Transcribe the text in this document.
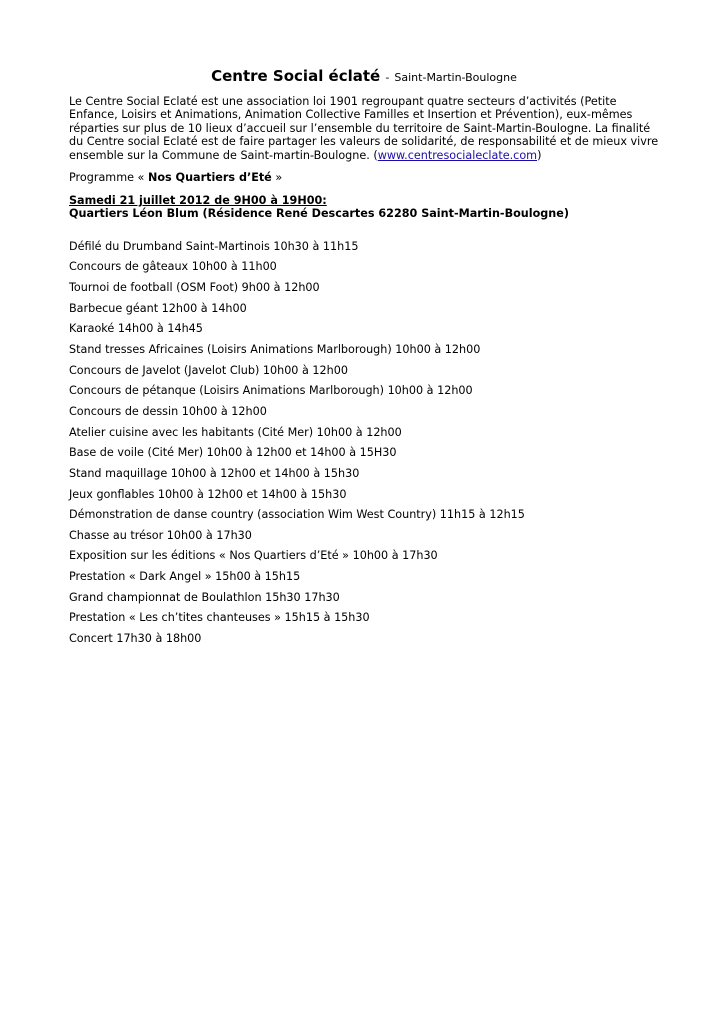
Centre Social éclaté - Saint-Martin-Boulogne

Le Centre Social Eclaté est une association loi 1901 regroupant quatre secteurs d’activités (Petite Enfance, Loisirs et Animations, Animation Collective Familles et Insertion et Prévention), eux-mêmes réparties sur plus de 10 lieux d’accueil sur l’ensemble du territoire de Saint-Martin-Boulogne. La finalité du Centre social Eclaté est de faire partager les valeurs de solidarité, de responsabilité et de mieux vivre ensemble sur la Commune de Saint-martin-Boulogne. (www.centresocialeclate.com)

Programme « Nos Quartiers d’Eté »

Samedi 21 juillet 2012 de 9H00 à 19H00:

Quartiers Léon Blum (Résidence René Descartes 62280 Saint-Martin-Boulogne)

Défilé du Drumband Saint-Martinois 10h30 à 11h15
Concours de gâteaux 10h00 à 11h00
Tournoi de football (OSM Foot) 9h00 à 12h00
Barbecue géant 12h00 à 14h00
Karaoké 14h00 à 14h45
Stand tresses Africaines (Loisirs Animations Marlborough) 10h00 à 12h00
Concours de Javelot (Javelot Club) 10h00 à 12h00
Concours de pétanque (Loisirs Animations Marlborough) 10h00 à 12h00
Concours de dessin 10h00 à 12h00
Atelier cuisine avec les habitants (Cité Mer) 10h00 à 12h00
Base de voile (Cité Mer) 10h00 à 12h00 et 14h00 à 15H30
Stand maquillage 10h00 à 12h00 et 14h00 à 15h30
Jeux gonflables 10h00 à 12h00 et 14h00 à 15h30
Démonstration de danse country (association Wim West Country) 11h15 à 12h15
Chasse au trésor 10h00 à 17h30
Exposition sur les éditions « Nos Quartiers d’Eté » 10h00 à 17h30
Prestation « Dark Angel » 15h00 à 15h15
Grand championnat de Boulathlon 15h30 17h30
Prestation « Les ch’tites chanteuses » 15h15 à 15h30
Concert 17h30 à 18h00
